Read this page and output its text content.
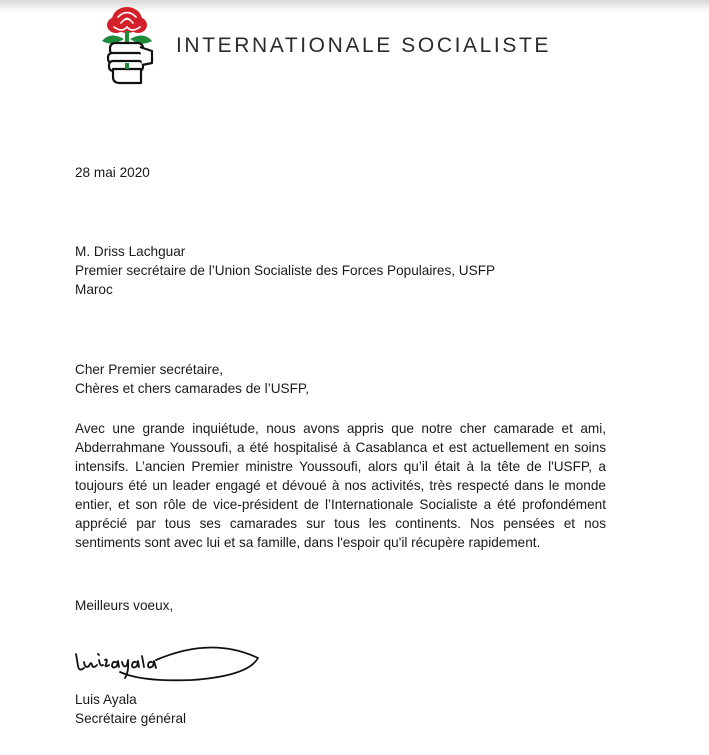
INTERNATIONALE SOCIALISTE
28 mai 2020
M. Driss Lachguar
Premier secrétaire de l’Union Socialiste des Forces Populaires, USFP
Maroc
Cher Premier secrétaire,
Chères et chers camarades de l’USFP,

Avec une grande inquiétude, nous avons appris que notre cher camarade et ami, Abderrahmane Youssoufi, a été hospitalisé à Casablanca et est actuellement en soins intensifs. L’ancien Premier ministre Youssoufi, alors qu’il était à la tête de l'USFP, a toujours été un leader engagé et dévoué à nos activités, très respecté dans le monde entier, et son rôle de vice-président de l’Internationale Socialiste a été profondément apprécié par tous ses camarades sur tous les continents. Nos pensées et nos sentiments sont avec lui et sa famille, dans l'espoir qu'il récupère rapidement.

Meilleurs voeux,
Luis Ayala
Secrétaire général
